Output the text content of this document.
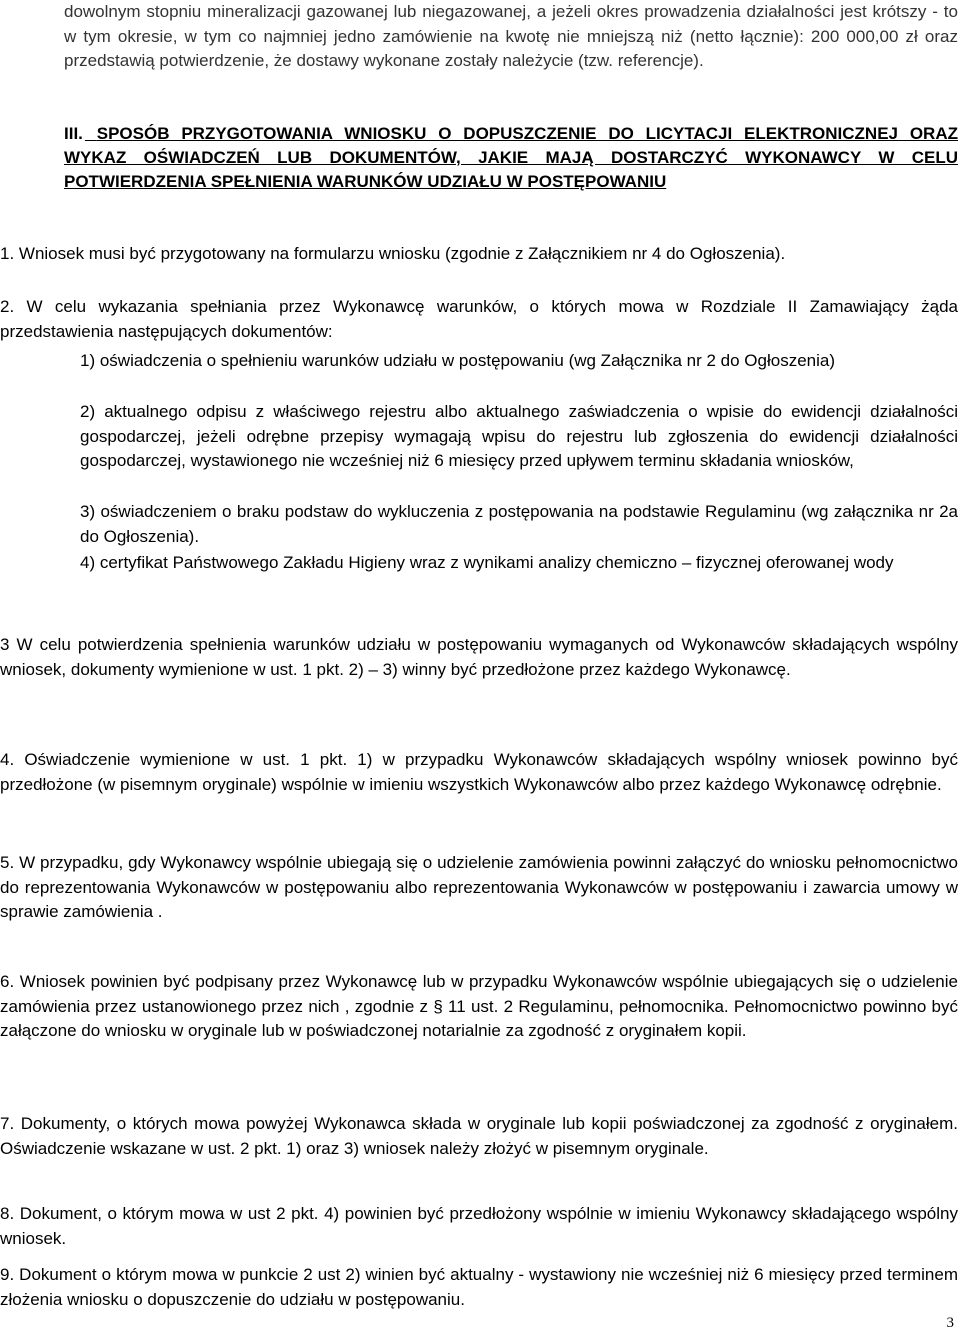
dowolnym stopniu mineralizacji gazowanej lub niegazowanej, a jeżeli okres prowadzenia działalności jest krótszy - to w tym okresie, w tym co najmniej jedno zamówienie na kwotę nie mniejszą niż (netto łącznie): 200 000,00 zł oraz przedstawią potwierdzenie, że dostawy wykonane zostały należycie (tzw. referencje).
III. SPOSÓB PRZYGOTOWANIA WNIOSKU O DOPUSZCZENIE DO LICYTACJI ELEKTRONICZNEJ ORAZ WYKAZ OŚWIADCZEŃ LUB DOKUMENTÓW, JAKIE MAJĄ DOSTARCZYĆ WYKONAWCY W CELU POTWIERDZENIA SPEŁNIENIA WARUNKÓW UDZIAŁU W POSTĘPOWANIU
1. Wniosek musi być przygotowany na formularzu wniosku (zgodnie z Załącznikiem nr 4 do Ogłoszenia).
2. W celu wykazania spełniania przez Wykonawcę warunków, o których mowa w Rozdziale II Zamawiający żąda przedstawienia następujących dokumentów:
1) oświadczenia o spełnieniu warunków udziału w postępowaniu (wg Załącznika nr 2 do Ogłoszenia)
2) aktualnego odpisu z właściwego rejestru albo aktualnego zaświadczenia o wpisie do ewidencji działalności gospodarczej, jeżeli odrębne przepisy wymagają wpisu do rejestru lub zgłoszenia do ewidencji działalności gospodarczej, wystawionego nie wcześniej niż 6 miesięcy przed upływem terminu składania wniosków,
3) oświadczeniem o braku podstaw do wykluczenia z postępowania na podstawie Regulaminu (wg załącznika nr 2a do Ogłoszenia).
4) certyfikat Państwowego Zakładu Higieny wraz z wynikami analizy chemiczno – fizycznej oferowanej wody
3 W celu potwierdzenia spełnienia warunków udziału w postępowaniu wymaganych od Wykonawców składających wspólny wniosek, dokumenty wymienione w ust. 1 pkt. 2) – 3) winny być przedłożone przez każdego Wykonawcę.
4. Oświadczenie wymienione w ust. 1 pkt. 1) w przypadku Wykonawców składających wspólny wniosek powinno być przedłożone (w pisemnym oryginale) wspólnie w imieniu wszystkich Wykonawców albo przez każdego Wykonawcę odrębnie.
5. W przypadku, gdy Wykonawcy wspólnie ubiegają się o udzielenie zamówienia powinni załączyć do wniosku pełnomocnictwo do reprezentowania Wykonawców w postępowaniu albo reprezentowania Wykonawców w postępowaniu i zawarcia umowy w sprawie zamówienia .
6. Wniosek powinien być podpisany przez Wykonawcę lub w przypadku Wykonawców wspólnie ubiegających się o udzielenie zamówienia przez ustanowionego przez nich , zgodnie z § 11 ust. 2 Regulaminu, pełnomocnika. Pełnomocnictwo powinno być załączone do wniosku w oryginale lub w poświadczonej notarialnie za zgodność z oryginałem kopii.
7. Dokumenty, o których mowa powyżej Wykonawca składa w oryginale lub kopii poświadczonej za zgodność z oryginałem. Oświadczenie wskazane w ust. 2 pkt. 1) oraz 3) wniosek należy złożyć w pisemnym oryginale.
8. Dokument, o którym mowa w ust 2 pkt. 4) powinien być przedłożony wspólnie w imieniu Wykonawcy składającego wspólny wniosek.
9. Dokument o którym mowa w punkcie 2 ust 2) winien być aktualny - wystawiony nie wcześniej niż 6 miesięcy przed terminem złożenia wniosku o dopuszczenie do udziału w postępowaniu.
3
